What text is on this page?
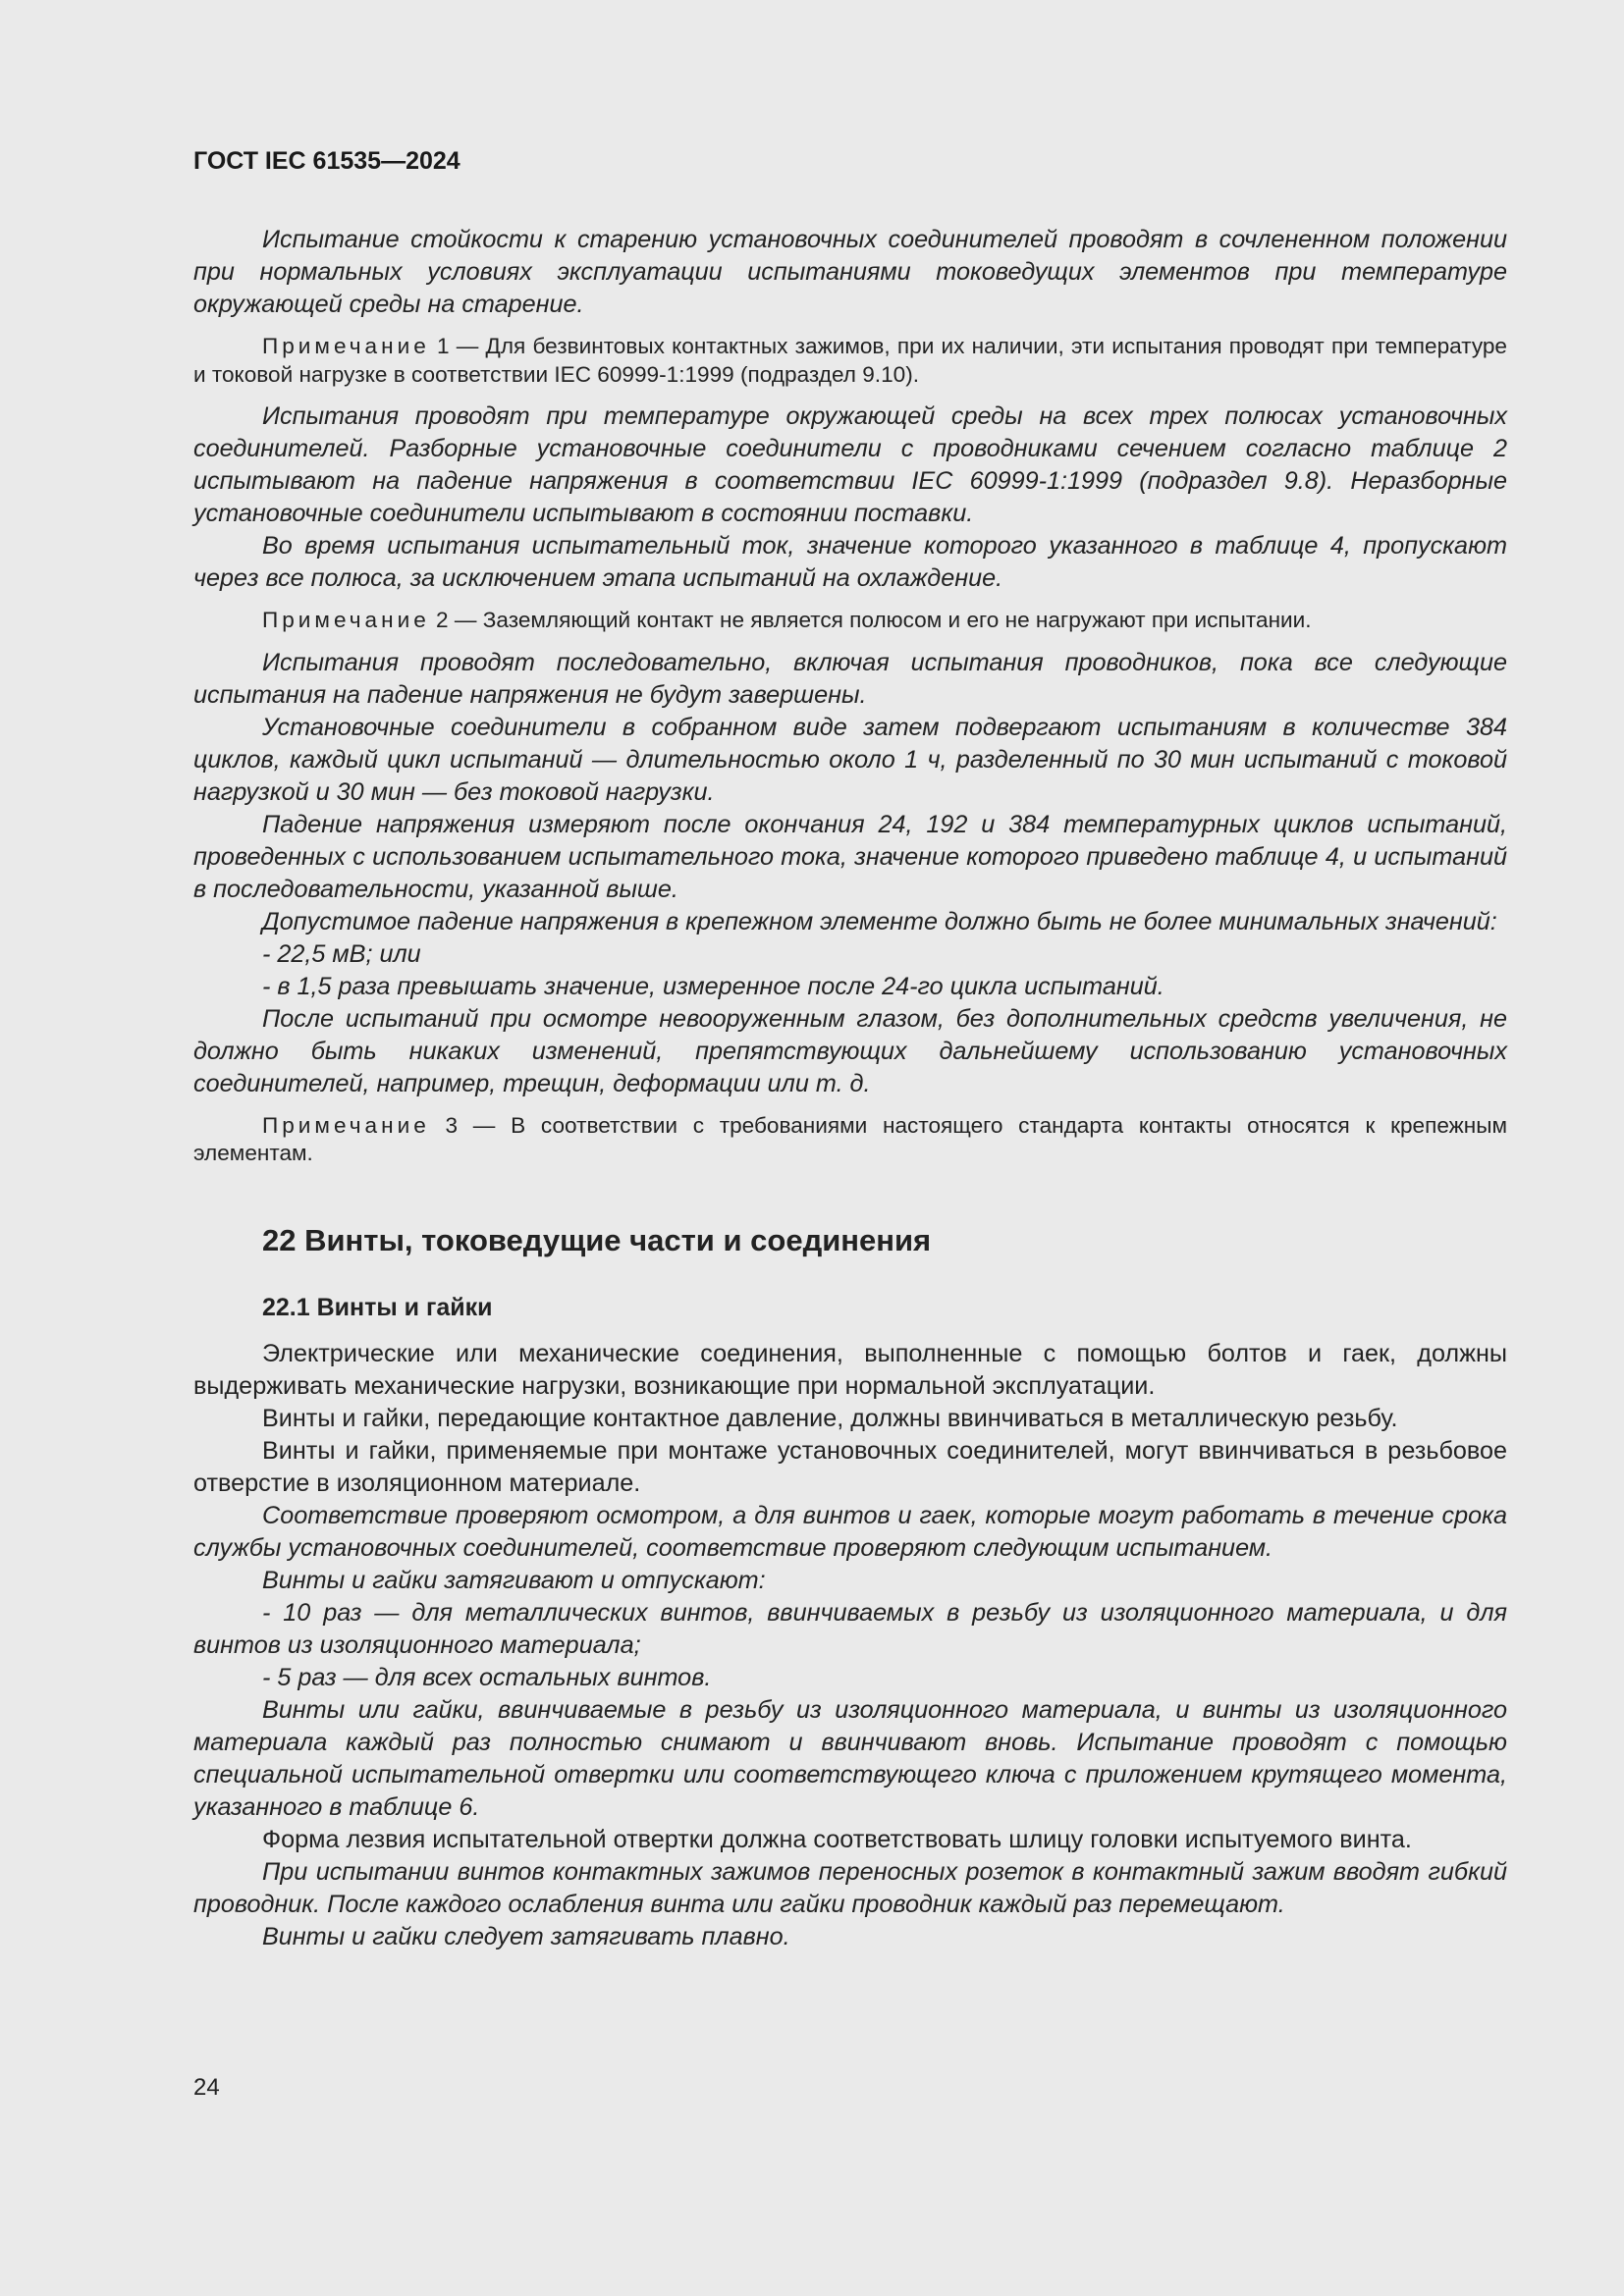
ГОСТ IEC 61535—2024

Испытание стойкости к старению установочных соединителей проводят в сочлененном положении при нормальных условиях эксплуатации испытаниями токоведущих элементов при температуре окружающей среды на старение.

Примечание 1 — Для безвинтовых контактных зажимов, при их наличии, эти испытания проводят при температуре и токовой нагрузке в соответствии IEC 60999-1:1999 (подраздел 9.10).

Испытания проводят при температуре окружающей среды на всех трех полюсах установочных соединителей. Разборные установочные соединители с проводниками сечением согласно таблице 2 испытывают на падение напряжения в соответствии IEC 60999-1:1999 (подраздел 9.8). Неразборные установочные соединители испытывают в состоянии поставки.

Во время испытания испытательный ток, значение которого указанного в таблице 4, пропускают через все полюса, за исключением этапа испытаний на охлаждение.

Примечание 2 — Заземляющий контакт не является полюсом и его не нагружают при испытании.

Испытания проводят последовательно, включая испытания проводников, пока все следующие испытания на падение напряжения не будут завершены.

Установочные соединители в собранном виде затем подвергают испытаниям в количестве 384 циклов, каждый цикл испытаний — длительностью около 1 ч, разделенный по 30 мин испытаний с токовой нагрузкой и 30 мин — без токовой нагрузки.

Падение напряжения измеряют после окончания 24, 192 и 384 температурных циклов испытаний, проведенных с использованием испытательного тока, значение которого приведено таблице 4, и испытаний в последовательности, указанной выше.

Допустимое падение напряжения в крепежном элементе должно быть не более минимальных значений:

- 22,5 мВ; или

- в 1,5 раза превышать значение, измеренное после 24-го цикла испытаний.

После испытаний при осмотре невооруженным глазом, без дополнительных средств увеличения, не должно быть никаких изменений, препятствующих дальнейшему использованию установочных соединителей, например, трещин, деформации или т. д.

Примечание 3 — В соответствии с требованиями настоящего стандарта контакты относятся к крепежным элементам.

22 Винты, токоведущие части и соединения
22.1 Винты и гайки

Электрические или механические соединения, выполненные с помощью болтов и гаек, должны выдерживать механические нагрузки, возникающие при нормальной эксплуатации.

Винты и гайки, передающие контактное давление, должны ввинчиваться в металлическую резьбу.

Винты и гайки, применяемые при монтаже установочных соединителей, могут ввинчиваться в резьбовое отверстие в изоляционном материале.

Соответствие проверяют осмотром, а для винтов и гаек, которые могут работать в течение срока службы установочных соединителей, соответствие проверяют следующим испытанием.

Винты и гайки затягивают и отпускают:

- 10 раз — для металлических винтов, ввинчиваемых в резьбу из изоляционного материала, и для винтов из изоляционного материала;

- 5 раз — для всех остальных винтов.

Винты или гайки, ввинчиваемые в резьбу из изоляционного материала, и винты из изоляционного материала каждый раз полностью снимают и ввинчивают вновь. Испытание проводят с помощью специальной испытательной отвертки или соответствующего ключа с приложением крутящего момента, указанного в таблице 6.

Форма лезвия испытательной отвертки должна соответствовать шлицу головки испытуемого винта.

При испытании винтов контактных зажимов переносных розеток в контактный зажим вводят гибкий проводник. После каждого ослабления винта или гайки проводник каждый раз перемещают.

Винты и гайки следует затягивать плавно.

24
